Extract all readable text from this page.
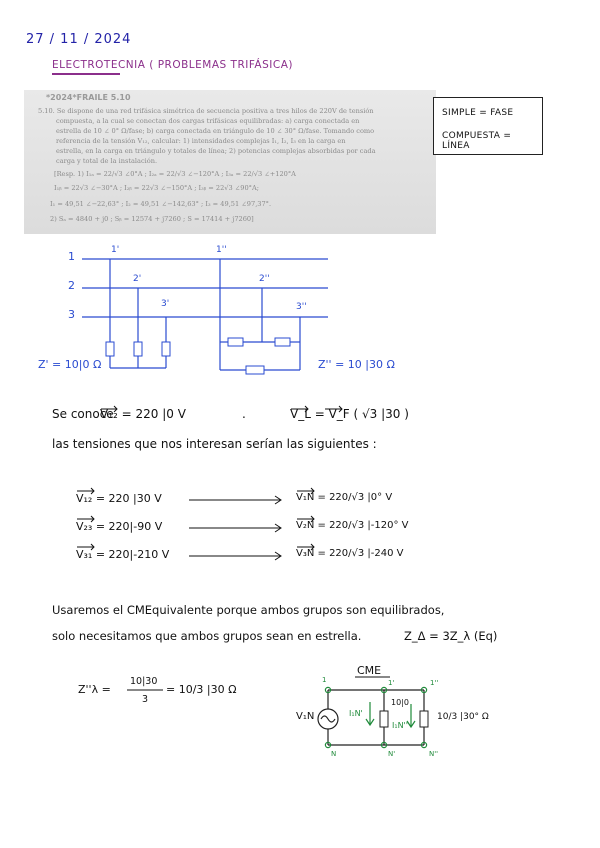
27 / 11 / 2024
ELECTROTECNIA ( PROBLEMAS TRIFÁSICA)
*2024*FRAILE 5.10
5.10. Se dispone de una red trifásica simétrica de secuencia positiva a tres hilos de 220V de tensión
compuesta, a la cual se conectan dos cargas trifásicas equilibradas: a) carga conectada en
estrella de 10 ∠ 0° Ω/fase; b) carga conectada en triángulo de 10 ∠ 30° Ω/fase. Tomando como
referencia de la tensión V₁₂, calcular: 1) intensidades complejas I₁, I₂, I₃ en la carga en
estrella, en la carga en triángulo y totales de línea; 2) potencias complejas absorbidas por cada
carga y total de la instalación.
[Resp. 1) I₁ₐ = 22/√3 ∠0°A ; I₂ₐ = 22/√3 ∠−120°A ; I₃ₐ = 22/√3 ∠+120°A
I₁ᵦ = 22√3 ∠−30°A ; I₂ᵦ = 22√3 ∠−150°A ; I₃ᵦ = 22√3 ∠90°A;
I₁ = 49,51 ∠−22,63° ; I₂ = 49,51 ∠−142,63° ; I₃ = 49,51 ∠97,37°.
2) Sₐ = 4840 + j0 ; Sᵦ = 12574 + j7260 ; S = 17414 + j7260]
SIMPLE = FASE
COMPUESTA = LÍNEA
1
2
3
1'
2'
3'
1''
2''
3''
Z' = 10|0 Ω	Z'' = 10 |30 Ω
Se conoce
V₁₂ = 220 |0 V	.	V_L = V_F ( √3 |30 )
las tensiones que nos interesan serían las siguientes :
V₁₂ = 220 |30 V
V₂₃ = 220|-90 V
V₃₁ = 220|-210 V
V₁N = 220/√3 |0° V
V₂N = 220/√3 |-120° V
V₃N = 220/√3 |-240 V
Usaremos el CMEquivalente porque ambos grupos son equilibrados,
solo necesitamos que ambos grupos sean en estrella.	Z_Δ = 3Z_λ (Eq)
Z''λ =
10|30
3
= 10/3 |30 Ω
CME
V₁N
10|0
10/3 |30° Ω
I₁N'
I₁N''
1	1'	1''
N	N'	N''
